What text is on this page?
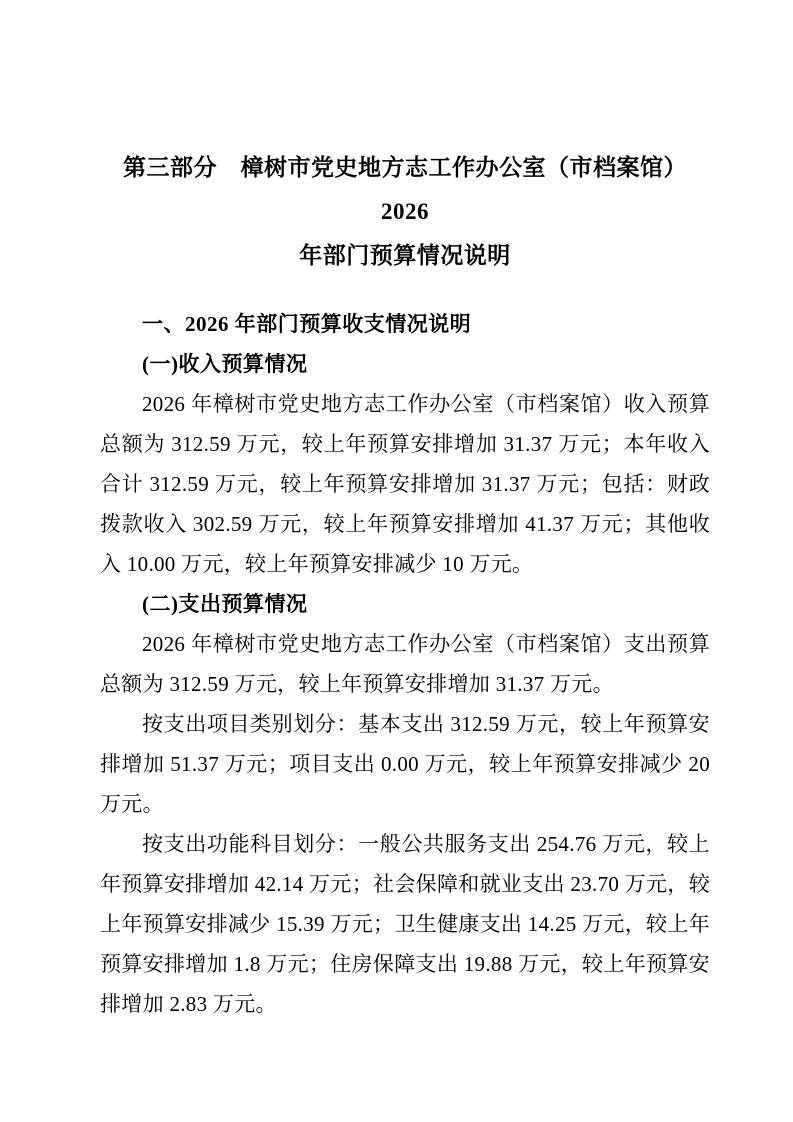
第三部分　樟树市党史地方志工作办公室（市档案馆）2026
年部门预算情况说明
一、2026 年部门预算收支情况说明
(一)收入预算情况

2026 年樟树市党史地方志工作办公室（市档案馆）收入预算总额为 312.59 万元，较上年预算安排增加 31.37 万元；本年收入合计 312.59 万元，较上年预算安排增加 31.37 万元；包括：财政拨款收入 302.59 万元，较上年预算安排增加 41.37 万元；其他收入 10.00 万元，较上年预算安排减少 10 万元。

(二)支出预算情况

2026 年樟树市党史地方志工作办公室（市档案馆）支出预算总额为 312.59 万元，较上年预算安排增加 31.37 万元。

按支出项目类别划分：基本支出 312.59 万元，较上年预算安排增加 51.37 万元；项目支出 0.00 万元，较上年预算安排减少 20 万元。

按支出功能科目划分：一般公共服务支出 254.76 万元，较上年预算安排增加 42.14 万元；社会保障和就业支出 23.70 万元，较上年预算安排减少 15.39 万元；卫生健康支出 14.25 万元，较上年预算安排增加 1.8 万元；住房保障支出 19.88 万元，较上年预算安排增加 2.83 万元。
